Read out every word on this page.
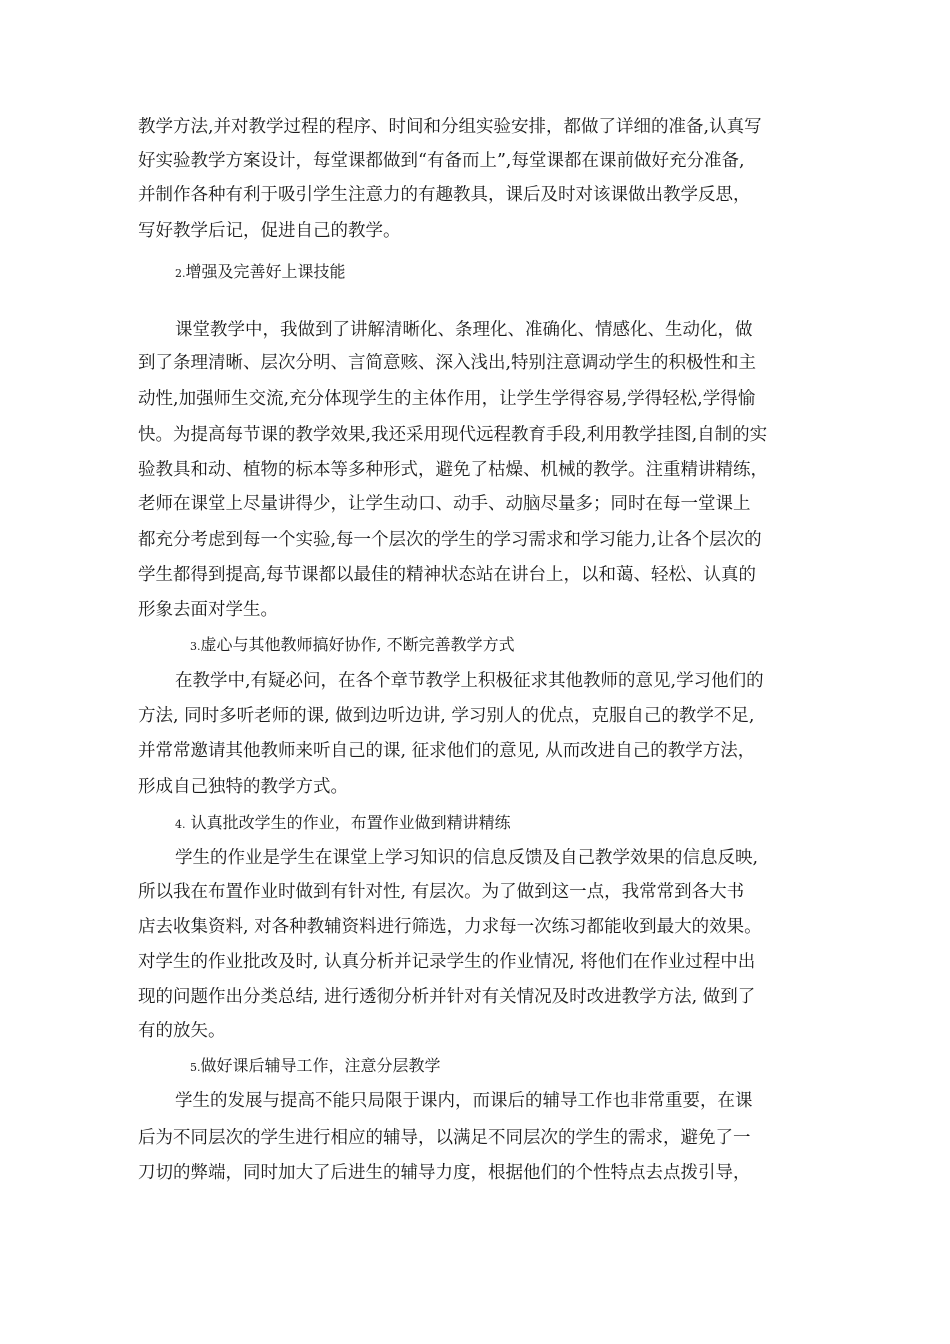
教学方法,并对教学过程的程序、时间和分组实验安排，都做了详细的准备,认真写
好实验教学方案设计，每堂课都做到“有备而上”,每堂课都在课前做好充分准备,
并制作各种有利于吸引学生注意力的有趣教具，课后及时对该课做出教学反思，
写好教学后记，促进自己的教学。
2.增强及完善好上课技能
课堂教学中，我做到了讲解清晰化、条理化、准确化、情感化、生动化，做
到了条理清晰、层次分明、言简意赅、深入浅出,特别注意调动学生的积极性和主
动性,加强师生交流,充分体现学生的主体作用，让学生学得容易,学得轻松,学得愉
快。为提高每节课的教学效果,我还采用现代远程教育手段,利用教学挂图,自制的实
验教具和动、植物的标本等多种形式，避免了枯燥、机械的教学。注重精讲精练，
老师在课堂上尽量讲得少，让学生动口、动手、动脑尽量多；同时在每一堂课上
都充分考虑到每一个实验,每一个层次的学生的学习需求和学习能力,让各个层次的
学生都得到提高,每节课都以最佳的精神状态站在讲台上，以和蔼、轻松、认真的
形象去面对学生。
3.虚心与其他教师搞好协作, 不断完善教学方式
在教学中,有疑必问，在各个章节教学上积极征求其他教师的意见,学习他们的
方法, 同时多听老师的课, 做到边听边讲, 学习别人的优点，克服自己的教学不足,
并常常邀请其他教师来听自己的课, 征求他们的意见, 从而改进自己的教学方法，
形成自己独特的教学方式。
4. 认真批改学生的作业，布置作业做到精讲精练
学生的作业是学生在课堂上学习知识的信息反馈及自己教学效果的信息反映,
所以我在布置作业时做到有针对性, 有层次。为了做到这一点，我常常到各大书
店去收集资料, 对各种教辅资料进行筛选，力求每一次练习都能收到最大的效果。
对学生的作业批改及时, 认真分析并记录学生的作业情况, 将他们在作业过程中出
现的问题作出分类总结, 进行透彻分析并针对有关情况及时改进教学方法, 做到了
有的放矢。
5.做好课后辅导工作，注意分层教学
学生的发展与提高不能只局限于课内，而课后的辅导工作也非常重要，在课
后为不同层次的学生进行相应的辅导，以满足不同层次的学生的需求，避免了一
刀切的弊端，同时加大了后进生的辅导力度，根据他们的个性特点去点拨引导，
